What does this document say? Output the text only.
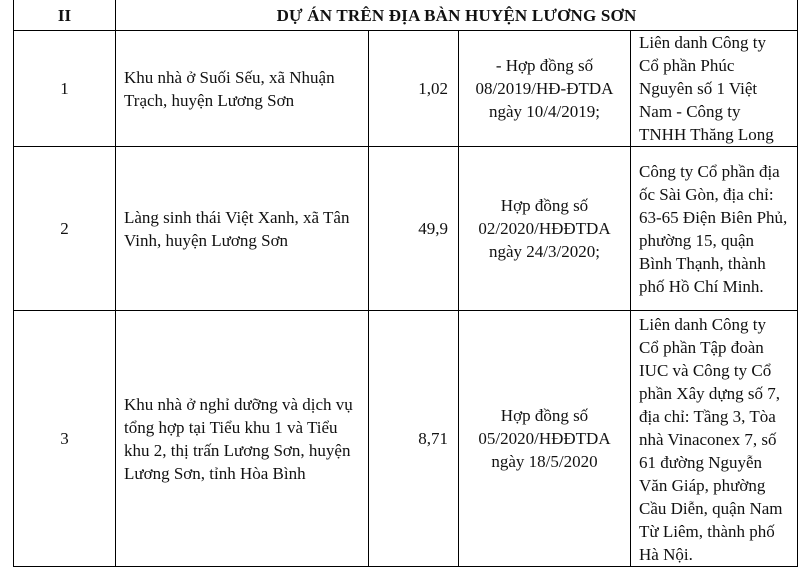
II	DỰ ÁN TRÊN ĐỊA BÀN HUYỆN LƯƠNG SƠN			
1	Khu nhà ở Suối Sếu, xã Nhuận Trạch, huyện Lương Sơn	1,02	- Hợp đồng số 08/2019/HĐ-ĐTDA ngày 10/4/2019;	Liên danh Công ty Cổ phần Phúc Nguyên số 1 Việt Nam - Công ty TNHH Thăng Long
2	Làng sinh thái Việt Xanh, xã Tân Vinh, huyện Lương Sơn	49,9	Hợp đồng số 02/2020/HĐĐTDA ngày 24/3/2020;	Công ty Cổ phần địa ốc Sài Gòn, địa chỉ: 63-65 Điện Biên Phủ, phường 15, quận Bình Thạnh, thành phố Hồ Chí Minh.
3	Khu nhà ở nghỉ dưỡng và dịch vụ tổng hợp tại Tiểu khu 1 và Tiểu khu 2, thị trấn Lương Sơn, huyện Lương Sơn, tỉnh Hòa Bình	8,71	Hợp đồng số 05/2020/HĐĐTDA ngày 18/5/2020	Liên danh Công ty Cổ phần Tập đoàn IUC và Công ty Cổ phần Xây dựng số 7, địa chỉ: Tầng 3, Tòa nhà Vinaconex 7, số 61 đường Nguyễn Văn Giáp, phường Cầu Diễn, quận Nam Từ Liêm, thành phố Hà Nội.
